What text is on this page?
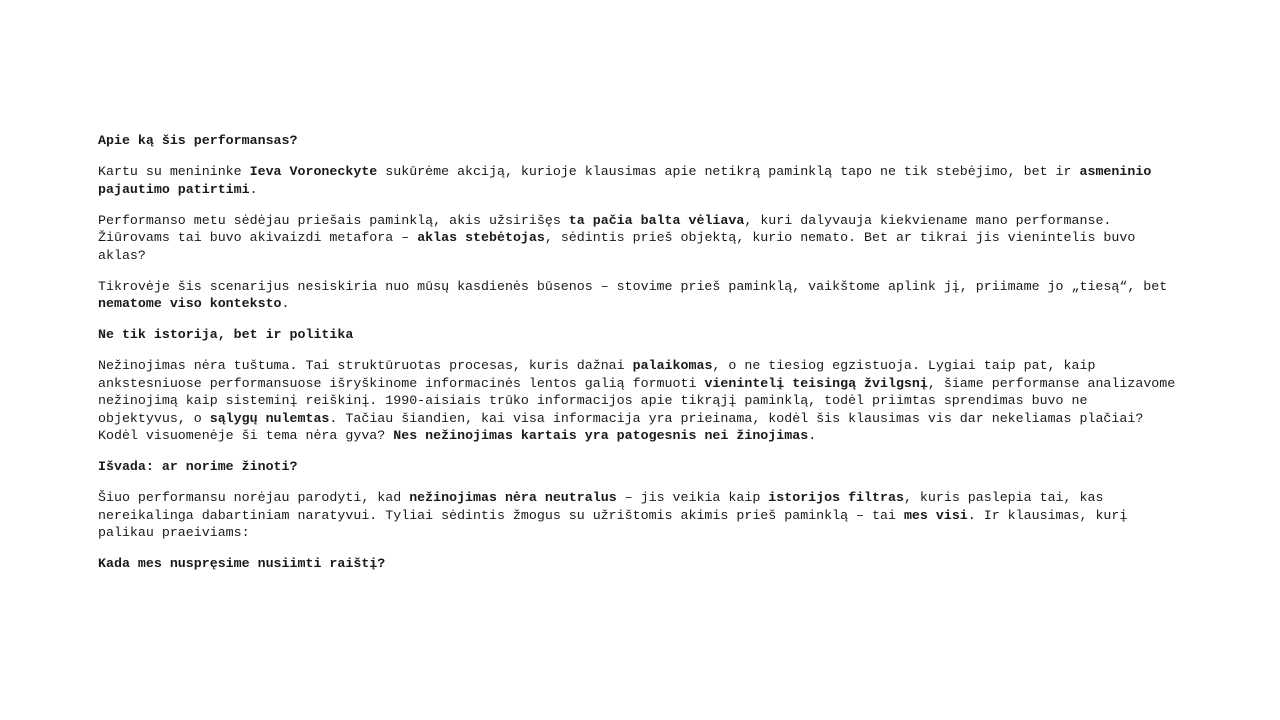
Apie ką šis performansas?

Kartu su menininke Ieva Voroneckyte sukūrėme akciją, kurioje klausimas apie netikrą paminklą tapo ne tik stebėjimo, bet ir asmeninio pajautimo patirtimi.

Performanso metu sėdėjau priešais paminklą, akis užsirišęs ta pačia balta vėliava, kuri dalyvauja kiekviename mano performanse. Žiūrovams tai buvo akivaizdi metafora – aklas stebėtojas, sėdintis prieš objektą, kurio nemato. Bet ar tikrai jis vienintelis buvo aklas?

Tikrovėje šis scenarijus nesiskiria nuo mūsų kasdienės būsenos – stovime prieš paminklą, vaikštome aplink jį, priimame jo „tiesą“, bet nematome viso konteksto.

Ne tik istorija, bet ir politika

Nežinojimas nėra tuštuma. Tai struktūruotas procesas, kuris dažnai palaikomas, o ne tiesiog egzistuoja. Lygiai taip pat, kaip ankstesniuose performansuose išryškinome informacinės lentos galią formuoti vienintelį teisingą žvilgsnį, šiame performanse analizavome nežinojimą kaip sisteminį reiškinį. 1990-aisiais trūko informacijos apie tikrąjį paminklą, todėl priimtas sprendimas buvo ne objektyvus, o sąlygų nulemtas. Tačiau šiandien, kai visa informacija yra prieinama, kodėl šis klausimas vis dar nekeliamas plačiai? Kodėl visuomenėje ši tema nėra gyva? Nes nežinojimas kartais yra patogesnis nei žinojimas.

Išvada: ar norime žinoti?

Šiuo performansu norėjau parodyti, kad nežinojimas nėra neutralus – jis veikia kaip istorijos filtras, kuris paslepia tai, kas nereikalinga dabartiniam naratyvui. Tyliai sėdintis žmogus su užrištomis akimis prieš paminklą – tai mes visi. Ir klausimas, kurį palikau praeiviams:

Kada mes nuspręsime nusiimti raištį?
